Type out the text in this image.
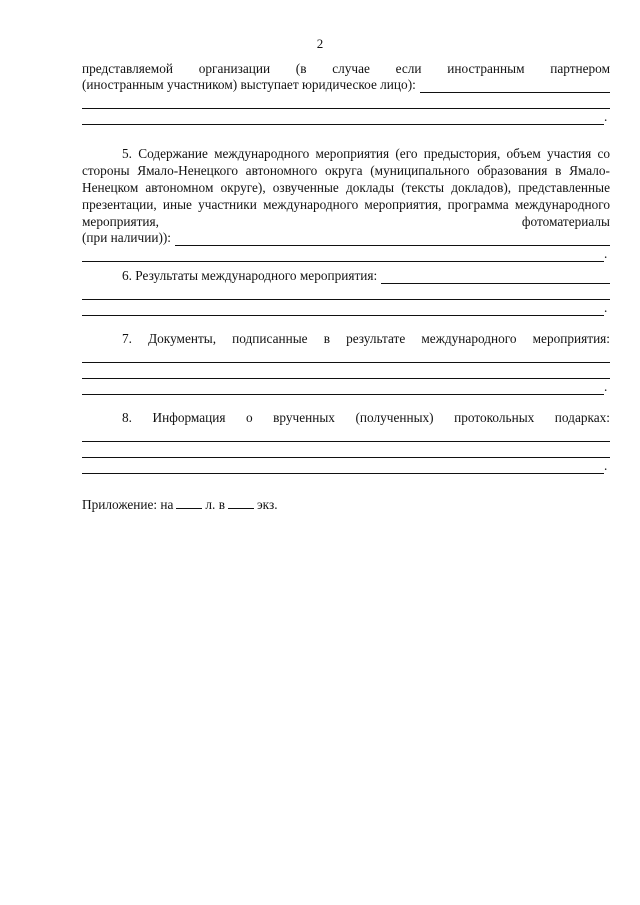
2

представляемой организации (в случае если иностранным партнером

(иностранным участником) выступает юридическое лицо):
.

5. Содержание международного мероприятия (его предыстория, объем участия со стороны Ямало-Ненецкого автономного округа (муниципального образования в Ямало-Ненецком автономном округе), озвученные доклады (тексты докладов), представленные презентации, иные участники международного мероприятия, программа международного мероприятия, фотоматериалы

(при наличии)):
.
6. Результаты международного мероприятия:
.
7. Документы, подписанные в результате международного мероприятия:
.
8. Информация о врученных (полученных) протокольных подарках:
.
Приложение: на л. в экз.
